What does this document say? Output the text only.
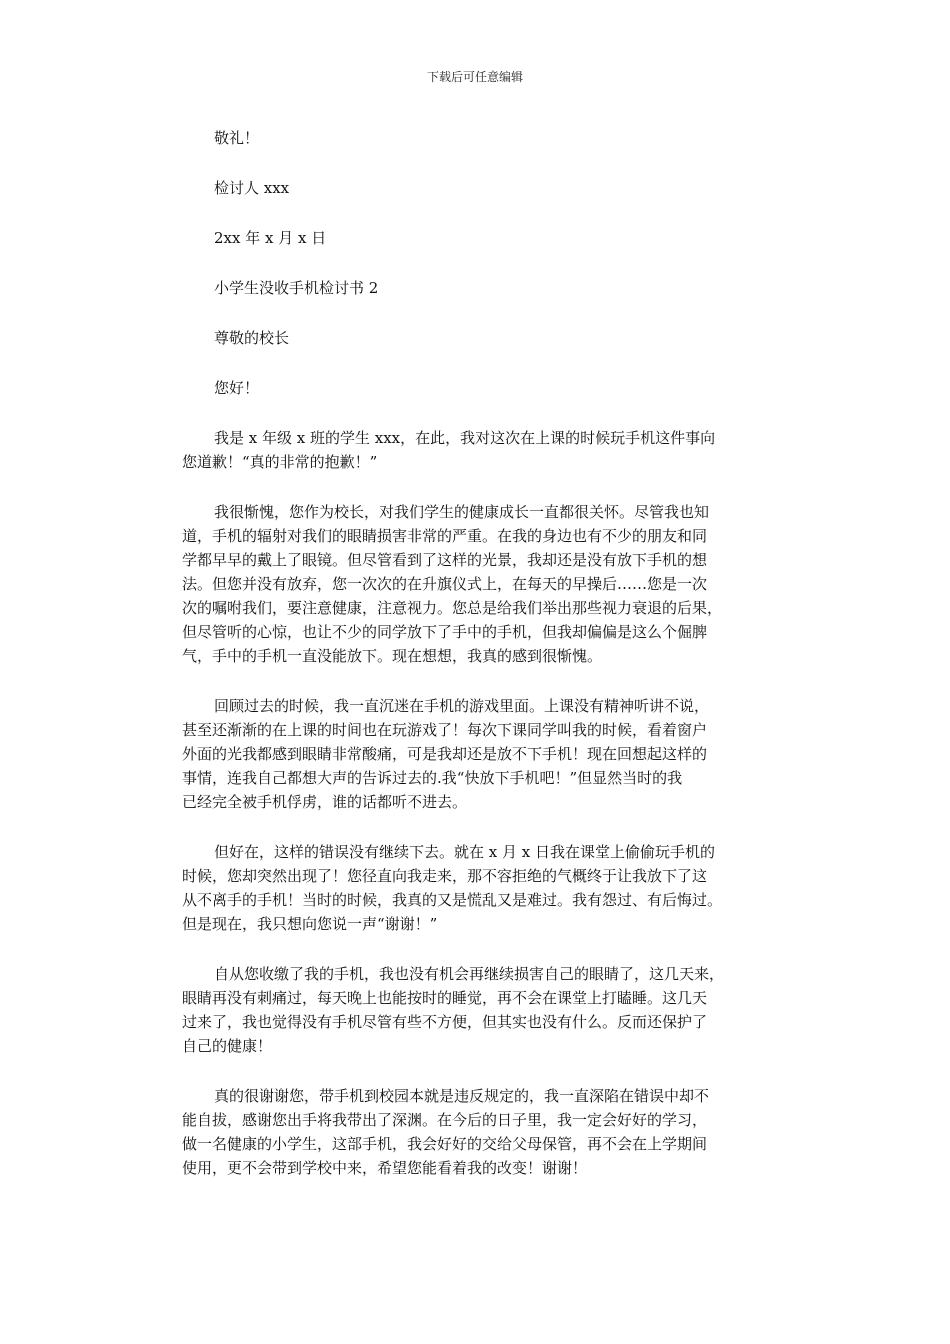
下载后可任意编辑

敬礼！

检讨人 xxx

2xx 年 x 月 x 日

小学生没收手机检讨书 2

尊敬的校长

您好！

我是 x 年级 x 班的学生 xxx，在此，我对这次在上课的时候玩手机这件事向
您道歉！“真的非常的抱歉！”
我很惭愧，您作为校长，对我们学生的健康成长一直都很关怀。尽管我也知
道，手机的辐射对我们的眼睛损害非常的严重。在我的身边也有不少的朋友和同
学都早早的戴上了眼镜。但尽管看到了这样的光景，我却还是没有放下手机的想
法。但您并没有放弃，您一次次的在升旗仪式上，在每天的早操后……您是一次
次的嘱咐我们，要注意健康，注意视力。您总是给我们举出那些视力衰退的后果，
但尽管听的心惊，也让不少的同学放下了手中的手机，但我却偏偏是这么个倔脾
气，手中的手机一直没能放下。现在想想，我真的感到很惭愧。
回顾过去的时候，我一直沉迷在手机的游戏里面。上课没有精神听讲不说，
甚至还渐渐的在上课的时间也在玩游戏了！每次下课同学叫我的时候，看着窗户
外面的光我都感到眼睛非常酸痛，可是我却还是放不下手机！现在回想起这样的
事情，连我自己都想大声的告诉过去的.我“快放下手机吧！”但显然当时的我
已经完全被手机俘虏，谁的话都听不进去。
但好在，这样的错误没有继续下去。就在 x 月 x 日我在课堂上偷偷玩手机的
时候，您却突然出现了！您径直向我走来，那不容拒绝的气概终于让我放下了这
从不离手的手机！当时的时候，我真的又是慌乱又是难过。我有怨过、有后悔过。
但是现在，我只想向您说一声“谢谢！”
自从您收缴了我的手机，我也没有机会再继续损害自己的眼睛了，这几天来，
眼睛再没有刺痛过，每天晚上也能按时的睡觉，再不会在课堂上打瞌睡。这几天
过来了，我也觉得没有手机尽管有些不方便，但其实也没有什么。反而还保护了
自己的健康！
真的很谢谢您，带手机到校园本就是违反规定的，我一直深陷在错误中却不
能自拔，感谢您出手将我带出了深渊。在今后的日子里，我一定会好好的学习，
做一名健康的小学生，这部手机，我会好好的交给父母保管，再不会在上学期间
使用，更不会带到学校中来，希望您能看着我的改变！谢谢！
